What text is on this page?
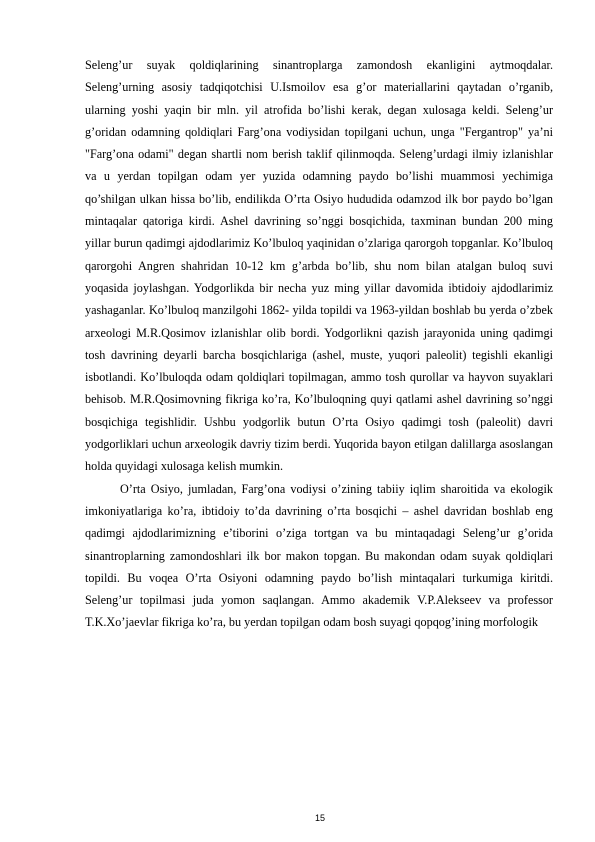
Seleng’ur suyak qoldiqlarining sinantroplarga zamondosh ekanligini aytmoqdalar. Seleng’urning asosiy tadqiqotchisi U.Ismoilov esa g’or materiallarini qaytadan o’rganib, ularning yoshi yaqin bir mln. yil atrofida bo’lishi kerak, degan xulosaga keldi. Seleng’ur g’oridan odamning qoldiqlari Farg’ona vodiysidan topilgani uchun, unga "Fergantrop" ya’ni "Farg’ona odami" degan shartli nom berish taklif qilinmoqda. Seleng’urdagi ilmiy izlanishlar va u yerdan topilgan odam yer yuzida odamning paydo bo’lishi muammosi yechimiga qo’shilgan ulkan hissa bo’lib, endilikda O’rta Osiyo hududida odamzod ilk bor paydo bo’lgan mintaqalar qatoriga kirdi. Ashel davrining so’nggi bosqichida, taxminan bundan 200 ming yillar burun qadimgi ajdodlarimiz Ko’lbuloq yaqinidan o’zlariga qarorgoh topganlar. Ko’lbuloq qarorgohi Angren shahridan 10-12 km g’arbda bo’lib, shu nom bilan atalgan buloq suvi yoqasida joylashgan. Yodgorlikda bir necha yuz ming yillar davomida ibtidoiy ajdodlarimiz yashaganlar. Ko’lbuloq manzilgohi 1862- yilda topildi va 1963-yildan boshlab bu yerda o’zbek arxeologi M.R.Qosimov izlanishlar olib bordi. Yodgorlikni qazish jarayonida uning qadimgi tosh davrining deyarli barcha bosqichlariga (ashel, muste, yuqori paleolit) tegishli ekanligi isbotlandi. Ko’lbuloqda odam qoldiqlari topilmagan, ammo tosh qurollar va hayvon suyaklari behisob. M.R.Qosimovning fikriga ko’ra, Ko’lbuloqning quyi qatlami ashel davrining so’nggi bosqichiga tegishlidir. Ushbu yodgorlik butun O’rta Osiyo qadimgi tosh (paleolit) davri yodgorliklari uchun arxeologik davriy tizim berdi. Yuqorida bayon etilgan dalillarga asoslangan holda quyidagi xulosaga kelish mumkin.

O’rta Osiyo, jumladan, Farg’ona vodiysi o’zining tabiiy iqlim sharoitida va ekologik imkoniyatlariga ko’ra, ibtidoiy to’da davrining o’rta bosqichi – ashel davridan boshlab eng qadimgi ajdodlarimizning e’tiborini o’ziga tortgan va bu mintaqadagi Seleng’ur g’orida sinantroplarning zamondoshlari ilk bor makon topgan. Bu makondan odam suyak qoldiqlari topildi. Bu voqea O’rta Osiyoni odamning paydo bo’lish mintaqalari turkumiga kiritdi. Seleng’ur topilmasi juda yomon saqlangan. Ammo akademik V.P.Alekseev va professor T.K.Xo’jaevlar fikriga ko’ra, bu yerdan topilgan odam bosh suyagi qopqog’ining morfologik

15
